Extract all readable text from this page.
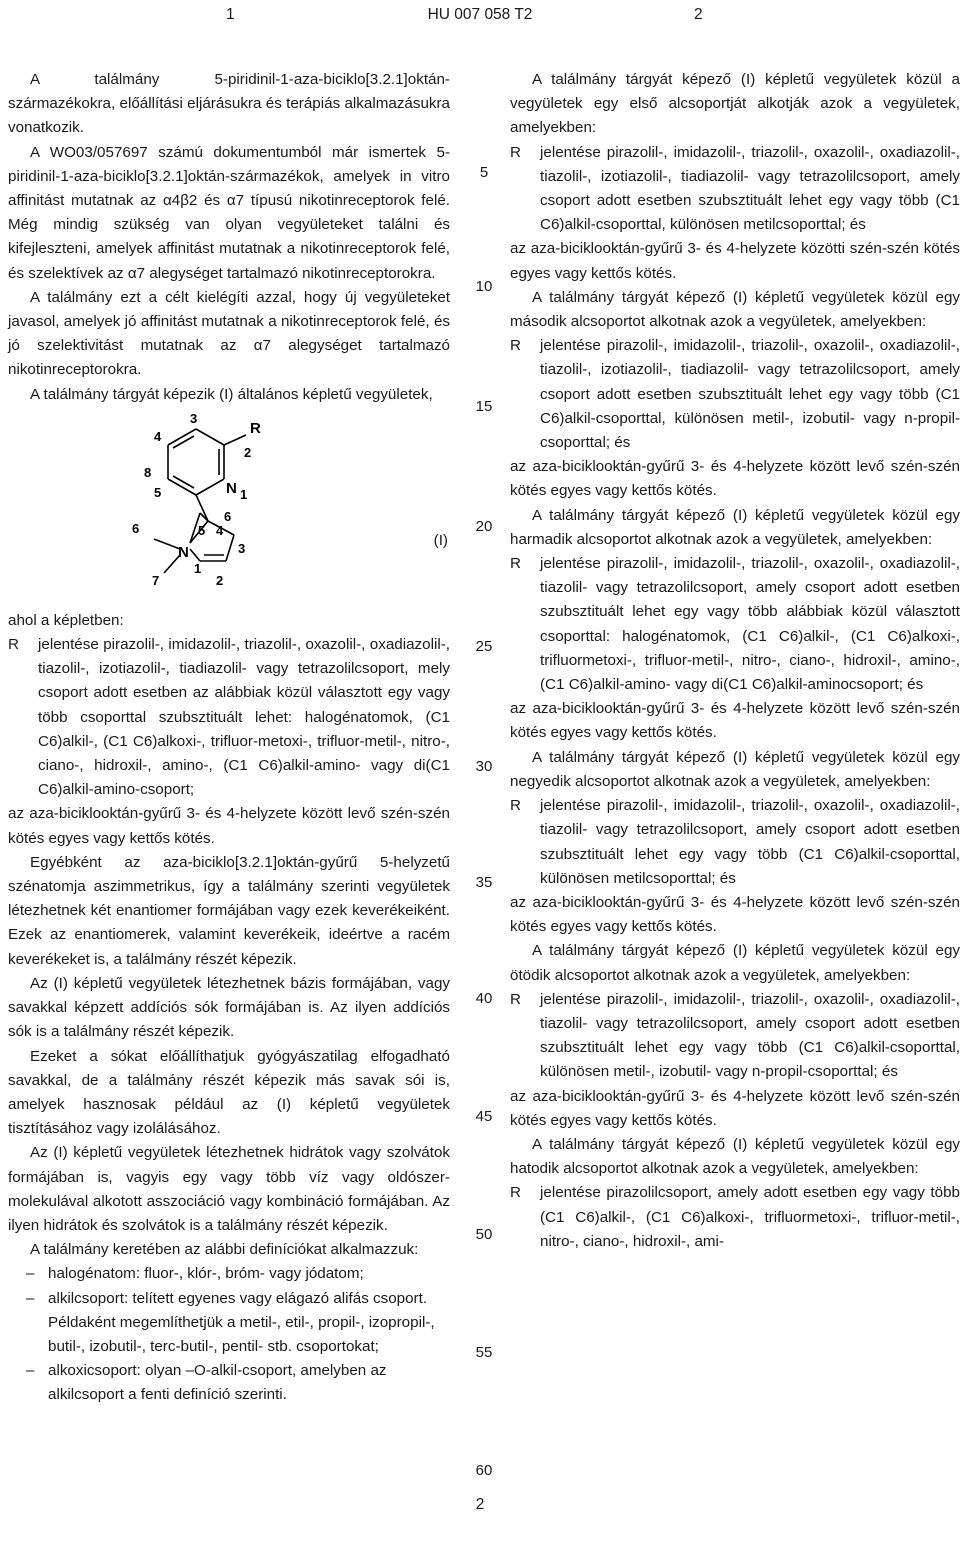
1	HU 007 058 T2	2

A találmány 5-piridinil-1-aza-biciklo[3.2.1]oktán-származékokra, előállítási eljárásukra és terápiás alkalmazásukra vonatkozik.

A WO03/057697 számú dokumentumból már ismertek 5-piridinil-1-aza-biciklo[3.2.1]oktán-származékok, amelyek in vitro affinitást mutatnak az α4β2 és α7 típusú nikotinreceptorok felé. Még mindig szükség van olyan vegyületeket találni és kifejleszteni, amelyek affinitást mutatnak a nikotinreceptorok felé, és szelektívek az α7 alegységet tartalmazó nikotinreceptorokra.

A találmány ezt a célt kielégíti azzal, hogy új vegyületeket javasol, amelyek jó affinitást mutatnak a nikotinreceptorok felé, és jó szelektivitást mutatnak az α7 alegységet tartalmazó nikotinreceptorokra.

A találmány tárgyát képezik (I) általános képletű vegyületek,

3
R
4
2
8
5	N 1
6
6
5 4
N	3
1
7	2
(I)

ahol a képletben:

R	jelentése pirazolil-, imidazolil-, triazolil-, oxazolil-, oxadiazolil-, tiazolil-, izotiazolil-, tiadiazolil- vagy tetrazolilcsoport, mely csoport adott esetben az alábbiak közül választott egy vagy több csoporttal szubsztituált lehet: halogénatomok, (C1 C6)alkil-, (C1 C6)alkoxi-, trifluor-metoxi-, trifluor-metil-, nitro-, ciano-, hidroxil-, amino-, (C1 C6)alkil-amino- vagy di(C1 C6)alkil-amino-csoport;

az aza-biciklooktán-gyűrű 3- és 4-helyzete között levő szén-szén kötés egyes vagy kettős kötés.

Egyébként az aza-biciklo[3.2.1]oktán-gyűrű 5-helyzetű szénatomja aszimmetrikus, így a találmány szerinti vegyületek létezhetnek két enantiomer formájában vagy ezek keverékeiként. Ezek az enantiomerek, valamint keverékeik, ideértve a racém keverékeket is, a találmány részét képezik.

Az (I) képletű vegyületek létezhetnek bázis formájában, vagy savakkal képzett addíciós sók formájában is. Az ilyen addíciós sók is a találmány részét képezik.

Ezeket a sókat előállíthatjuk gyógyászatilag elfogadható savakkal, de a találmány részét képezik más savak sói is, amelyek hasznosak például az (I) képletű vegyületek tisztításához vagy izolálásához.

Az (I) képletű vegyületek létezhetnek hidrátok vagy szolvátok formájában is, vagyis egy vagy több víz vagy oldószer-molekulával alkotott asszociáció vagy kombináció formájában. Az ilyen hidrátok és szolvátok is a találmány részét képezik.

A találmány keretében az alábbi definíciókat alkalmazzuk:

– halogénatom: fluor-, klór-, bróm- vagy jódatom;
– alkilcsoport: telített egyenes vagy elágazó alifás csoport. Példaként megemlíthetjük a metil-, etil-, propil-, izopropil-, butil-, izobutil-, terc-butil-, pentil- stb. csoportokat;
– alkoxicsoport: olyan –O-alkil-csoport, amelyben az alkilcsoport a fenti definíció szerinti.
5
10
15
20
25
30
35
40
45
50
55
60

A találmány tárgyát képező (I) képletű vegyületek közül a vegyületek egy első alcsoportját alkotják azok a vegyületek, amelyekben:

R	jelentése pirazolil-, imidazolil-, triazolil-, oxazolil-, oxadiazolil-, tiazolil-, izotiazolil-, tiadiazolil- vagy tetrazolilcsoport, amely csoport adott esetben szubsztituált lehet egy vagy több (C1 C6)alkil-csoporttal, különösen metilcsoporttal; és

az aza-biciklooktán-gyűrű 3- és 4-helyzete közötti szén-szén kötés egyes vagy kettős kötés.

A találmány tárgyát képező (I) képletű vegyületek közül egy második alcsoportot alkotnak azok a vegyületek, amelyekben:

R	jelentése pirazolil-, imidazolil-, triazolil-, oxazolil-, oxadiazolil-, tiazolil-, izotiazolil-, tiadiazolil- vagy tetrazolilcsoport, amely csoport adott esetben szubsztituált lehet egy vagy több (C1 C6)alkil-csoporttal, különösen metil-, izobutil- vagy n-propil-csoporttal; és

az aza-biciklooktán-gyűrű 3- és 4-helyzete között levő szén-szén kötés egyes vagy kettős kötés.

A találmány tárgyát képező (I) képletű vegyületek közül egy harmadik alcsoportot alkotnak azok a vegyületek, amelyekben:

R	jelentése pirazolil-, imidazolil-, triazolil-, oxazolil-, oxadiazolil-, tiazolil- vagy tetrazolilcsoport, amely csoport adott esetben szubsztituált lehet egy vagy több alábbiak közül választott csoporttal: halogénatomok, (C1 C6)alkil-, (C1 C6)alkoxi-, trifluormetoxi-, trifluor-metil-, nitro-, ciano-, hidroxil-, amino-, (C1 C6)alkil-amino- vagy di(C1 C6)alkil-aminocsoport; és

az aza-biciklooktán-gyűrű 3- és 4-helyzete között levő szén-szén kötés egyes vagy kettős kötés.

A találmány tárgyát képező (I) képletű vegyületek közül egy negyedik alcsoportot alkotnak azok a vegyületek, amelyekben:

R	jelentése pirazolil-, imidazolil-, triazolil-, oxazolil-, oxadiazolil-, tiazolil- vagy tetrazolilcsoport, amely csoport adott esetben szubsztituált lehet egy vagy több (C1 C6)alkil-csoporttal, különösen metilcsoporttal; és

az aza-biciklooktán-gyűrű 3- és 4-helyzete között levő szén-szén kötés egyes vagy kettős kötés.

A találmány tárgyát képező (I) képletű vegyületek közül egy ötödik alcsoportot alkotnak azok a vegyületek, amelyekben:

R	jelentése pirazolil-, imidazolil-, triazolil-, oxazolil-, oxadiazolil-, tiazolil- vagy tetrazolilcsoport, amely csoport adott esetben szubsztituált lehet egy vagy több (C1 C6)alkil-csoporttal, különösen metil-, izobutil- vagy n-propil-csoporttal; és

az aza-biciklooktán-gyűrű 3- és 4-helyzete között levő szén-szén kötés egyes vagy kettős kötés.

A találmány tárgyát képező (I) képletű vegyületek közül egy hatodik alcsoportot alkotnak azok a vegyületek, amelyekben:

R	jelentése pirazolilcsoport, amely adott esetben egy vagy több (C1 C6)alkil-, (C1 C6)alkoxi-, trifluormetoxi-, trifluor-metil-, nitro-, ciano-, hidroxil-, ami-
2
